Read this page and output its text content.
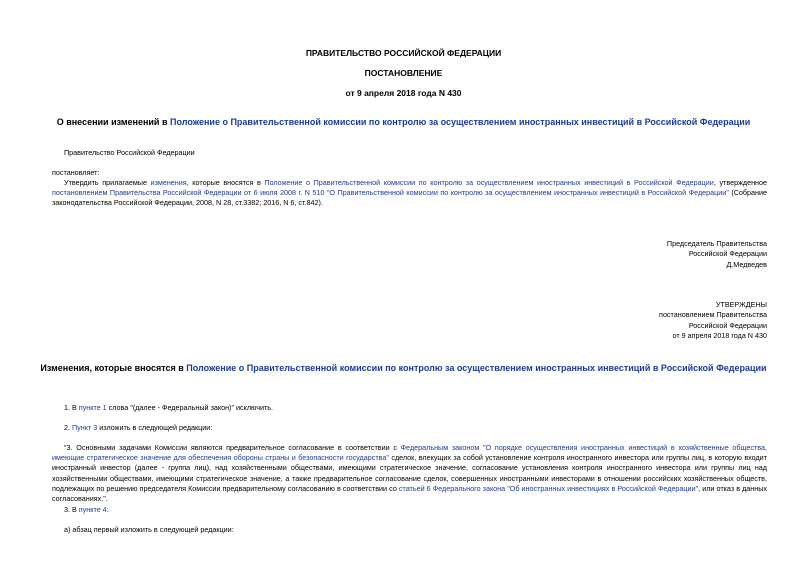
ПРАВИТЕЛЬСТВО РОССИЙСКОЙ ФЕДЕРАЦИИ
ПОСТАНОВЛЕНИЕ
от 9 апреля 2018 года N 430
О внесении изменений в Положение о Правительственной комиссии по контролю за осуществлением иностранных инвестиций в Российской Федерации
Правительство Российской Федерации
постановляет:
Утвердить прилагаемые изменения, которые вносятся в Положение о Правительственной комиссии по контролю за осуществлением иностранных инвестиций в Российской Федерации, утвержденное постановлением Правительства Российской Федерации от 6 июля 2008 г. N 510 "О Правительственной комиссии по контролю за осуществлением иностранных инвестиций в Российской Федерации" (Собрание законодательства Российской Федерации, 2008, N 28, ст.3382; 2016, N 6, ст.842).
Председатель Правительства
Российской Федерации
Д.Медведев
УТВЕРЖДЕНЫ
постановлением Правительства
Российской Федерации
от 9 апреля 2018 года N 430
Изменения, которые вносятся в Положение о Правительственной комиссии по контролю за осуществлением иностранных инвестиций в Российской Федерации
1. В пункте 1 слова "(далее - Федеральный закон)" исключить.
2. Пункт 3 изложить в следующей редакции:
"3. Основными задачами Комиссии являются предварительное согласование в соответствии с Федеральным законом "О порядке осуществления иностранных инвестиций в хозяйственные общества, имеющие стратегическое значение для обеспечения обороны страны и безопасности государства" сделок, влекущих за собой установление контроля иностранного инвестора или группы лиц, в которую входит иностранный инвестор (далее - группа лиц), над хозяйственными обществами, имеющими стратегическое значение, согласование установления контроля иностранного инвестора или группы лиц над хозяйственными обществами, имеющими стратегическое значение, а также предварительное согласование сделок, совершенных иностранными инвесторами в отношении российских хозяйственных обществ, подлежащих по решению председателя Комиссии предварительному согласованию в соответствии со статьей 6 Федерального закона "Об иностранных инвестициях в Российской Федерации", или отказ в данных согласованиях.".
3. В пункте 4:
а) абзац первый изложить в следующей редакции:
